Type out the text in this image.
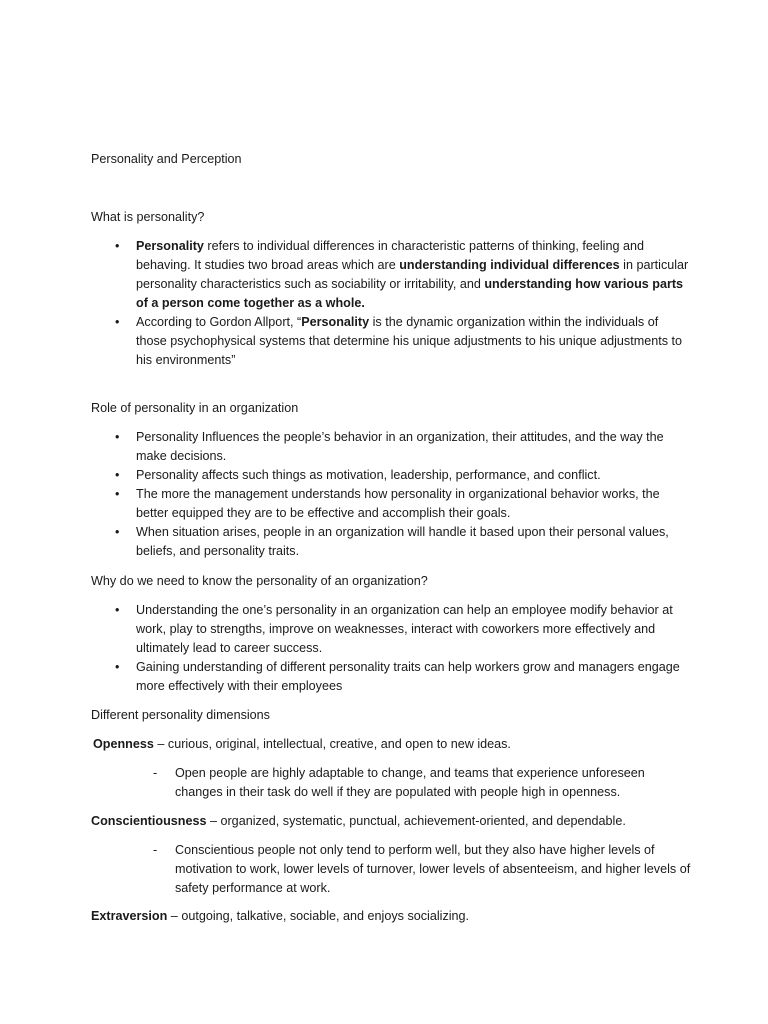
Personality and Perception

What is personality?

•	Personality refers to individual differences in characteristic patterns of thinking, feeling and behaving. It studies two broad areas which are understanding individual differences in particular personality characteristics such as sociability or irritability, and understanding how various parts of a person come together as a whole.

•	According to Gordon Allport, “Personality is the dynamic organization within the individuals of those psychophysical systems that determine his unique adjustments to his unique adjustments to his environments”

Role of personality in an organization

•	Personality Influences the people’s behavior in an organization, their attitudes, and the way the make decisions.

•	Personality affects such things as motivation, leadership, performance, and conflict.

•	The more the management understands how personality in organizational behavior works, the better equipped they are to be effective and accomplish their goals.

•	When situation arises, people in an organization will handle it based upon their personal values, beliefs, and personality traits.

Why do we need to know the personality of an organization?

•	Understanding the one’s personality in an organization can help an employee modify behavior at work, play to strengths, improve on weaknesses, interact with coworkers more effectively and ultimately lead to career success.

•	Gaining understanding of different personality traits can help workers grow and managers engage more effectively with their employees

Different personality dimensions

Openness – curious, original, intellectual, creative, and open to new ideas.

-	Open people are highly adaptable to change, and teams that experience unforeseen changes in their task do well if they are populated with people high in openness.

Conscientiousness – organized, systematic, punctual, achievement-oriented, and dependable.

-	Conscientious people not only tend to perform well, but they also have higher levels of motivation to work, lower levels of turnover, lower levels of absenteeism, and higher levels of safety performance at work.

Extraversion – outgoing, talkative, sociable, and enjoys socializing.
